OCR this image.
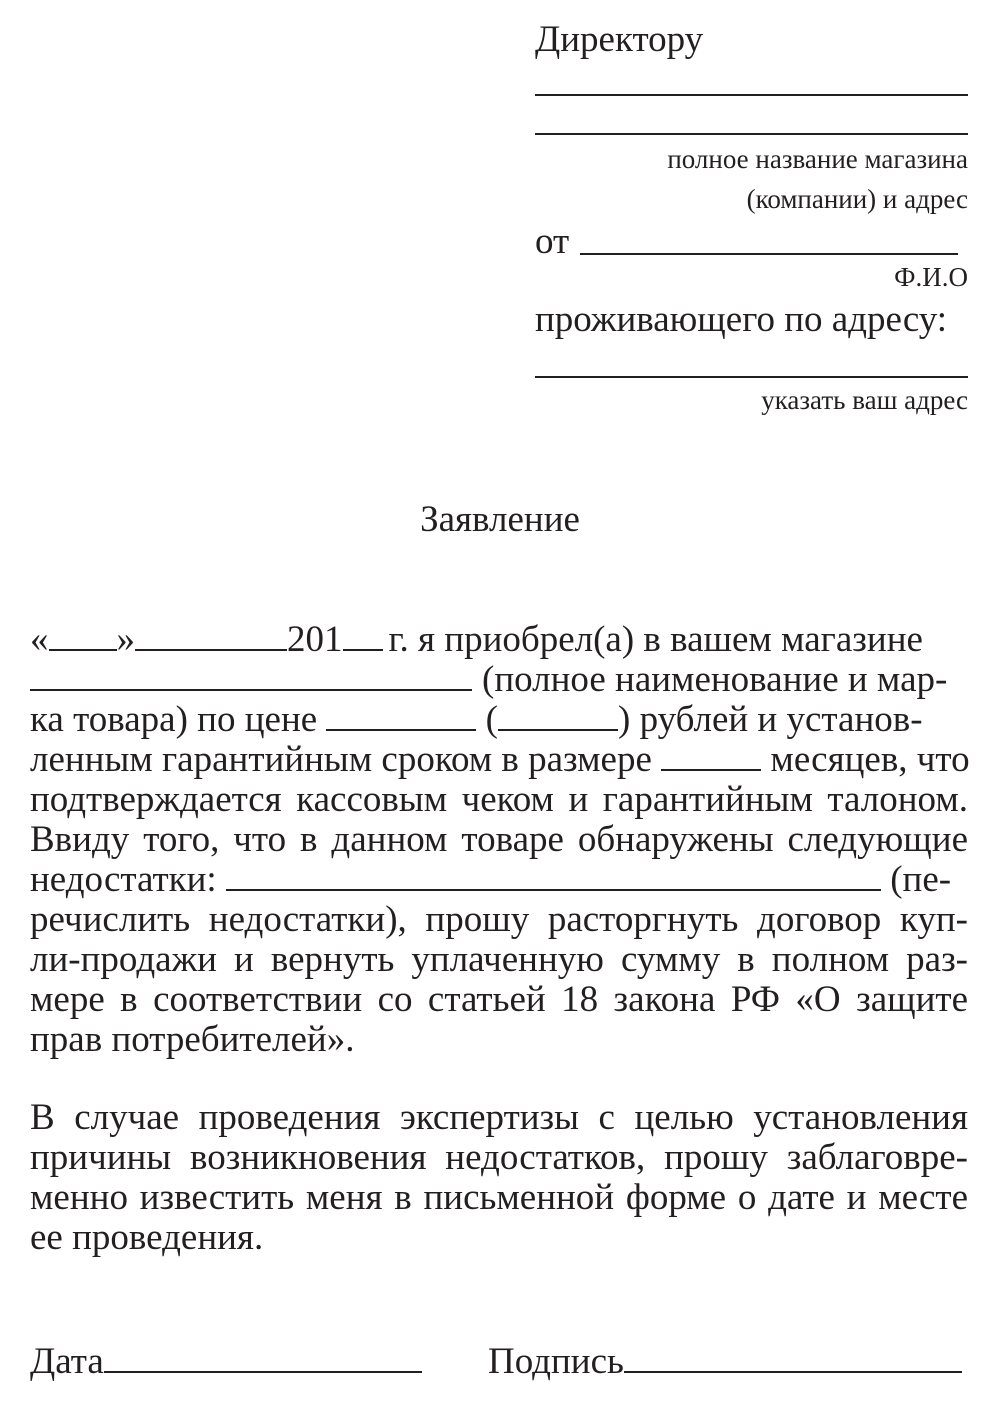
Директору
полное название магазина
(компании) и адрес
от
Ф.И.О
проживающего по адресу:
указать ваш адрес
Заявление
« »	201 г. я приобрел(а) в вашем магазине
(полное наименование и мар-
ка товара) по цене	(	) рублей и установ-
ленным гарантийным сроком в размере	месяцев, что
подтверждается кассовым чеком и гарантийным талоном.
Ввиду того, что в данном товаре обнаружены следующие
недостатки:	(пе-
речислить недостатки), прошу расторгнуть договор куп-
ли-продажи и вернуть уплаченную сумму в полном раз-
мере в соответствии со статьей 18 закона РФ «О защите
прав потребителей».
В случае проведения экспертизы с целью установления
причины возникновения недостатков, прошу заблаговре-
менно известить меня в письменной форме о дате и месте
ее проведения.
Дата	Подпись
